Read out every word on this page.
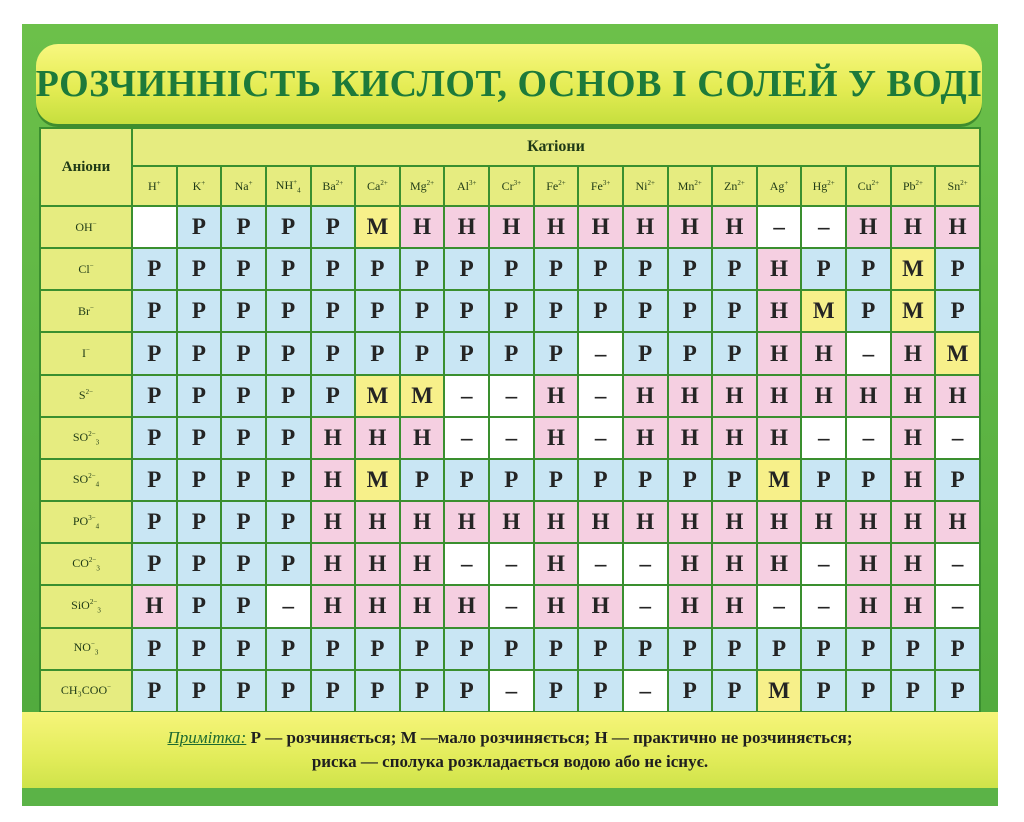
РОЗЧИННІСТЬ КИСЛОТ, ОСНОВ І СОЛЕЙ У ВОДІ
Аніони	Катіони																		
	H+	K+	Na+	$NH^+_4$	$Ba^{2+}$	$Ca^{2+}$	$Mg^{2+}$	$Al^{3+}$	$Cr^{3+}$	$Fe^{2+}$	$Fe^{3+}$	$Ni^{2+}$	$Mn^{2+}$	$Zn^{2+}$	Ag+	$Hg^{2+}$	$Cu^{2+}$	$Pb^{2+}$	$Sn^{2+}$
OH−		Р	Р	Р	Р	М	Н	Н	Н	Н	Н	Н	Н	Н	–	–	Н	Н	Н
Cl−	Р	Р	Р	Р	Р	Р	Р	Р	Р	Р	Р	Р	Р	Р	Н	Р	Р	М	Р
Br−	Р	Р	Р	Р	Р	Р	Р	Р	Р	Р	Р	Р	Р	Р	Н	М	Р	М	Р
I−	Р	Р	Р	Р	Р	Р	Р	Р	Р	Р	–	Р	Р	Р	Н	Н	–	Н	М
$S^{2-}$	Р	Р	Р	Р	Р	М	М	–	–	Н	–	Н	Н	Н	Н	Н	Н	Н	Н
$SO^{2-}_3$	Р	Р	Р	Р	Н	Н	Н	–	–	Н	–	Н	Н	Н	Н	–	–	Н	–
$SO^{2-}_4$	Р	Р	Р	Р	Н	М	Р	Р	Р	Р	Р	Р	Р	Р	М	Р	Р	Н	Р
$PO^{3-}_4$	Р	Р	Р	Р	Н	Н	Н	Н	Н	Н	Н	Н	Н	Н	Н	Н	Н	Н	Н
$CO^{2-}_3$	Р	Р	Р	Р	Н	Н	Н	–	–	Н	–	–	Н	Н	Н	–	Н	Н	–
SiO$^{2-}_3$	Н	Р	Р	–	Н	Н	Н	Н	–	Н	Н	–	Н	Н	–	–	Н	Н	–
$NO^-_3$	Р	Р	Р	Р	Р	Р	Р	Р	Р	Р	Р	Р	Р	Р	Р	Р	Р	Р	Р
CH₃COO−	Р	Р	Р	Р	Р	Р	Р	Р	–	Р	Р	–	Р	Р	М	Р	Р	Р	Р
Примітка: Р — розчиняється; М —мало розчиняється; Н — практично не розчиняється;
риска — сполука розкладається водою або не існує.
